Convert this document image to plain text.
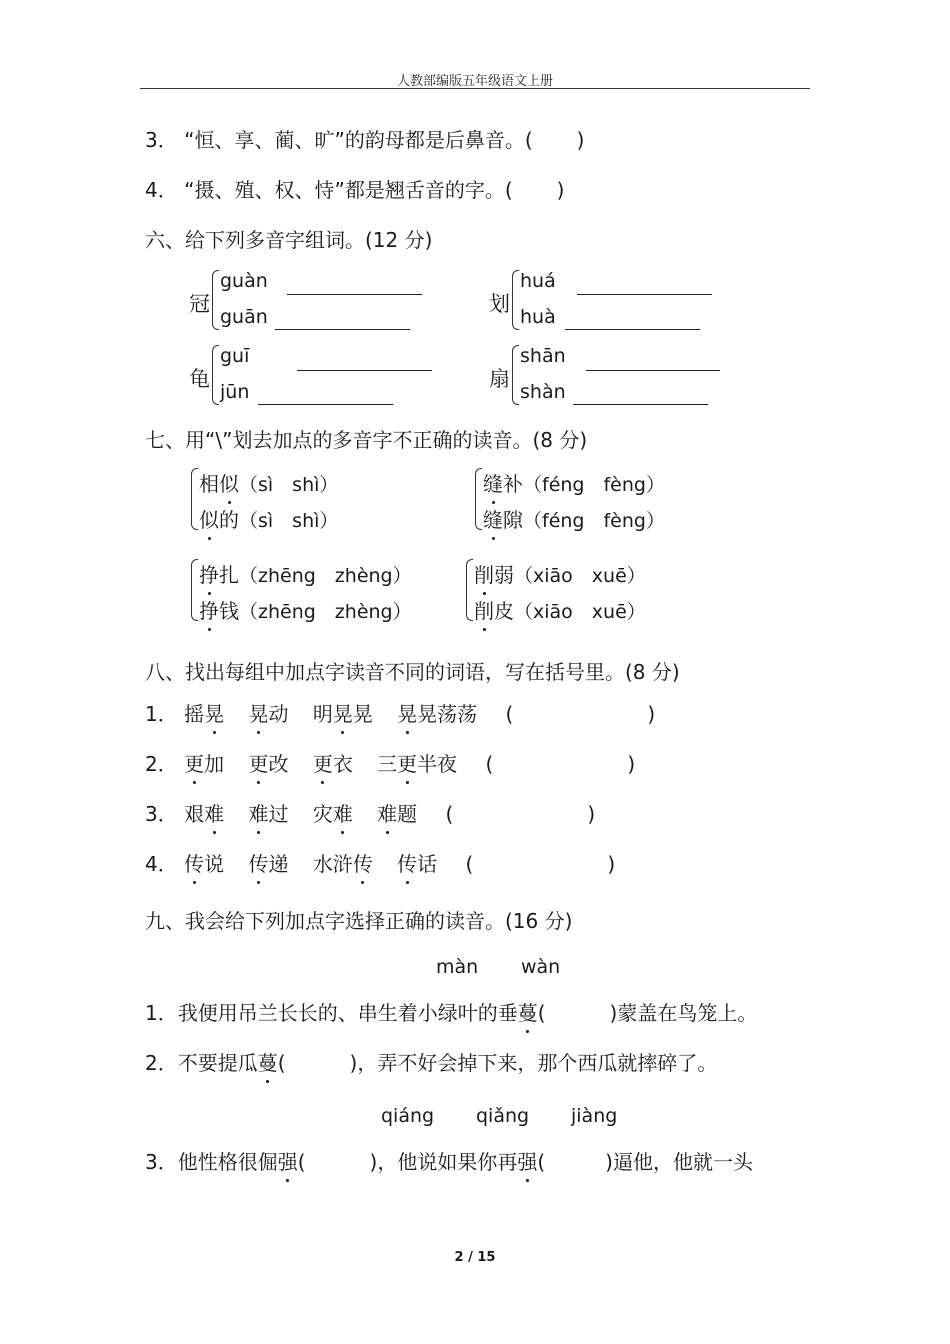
人教部编版五年级语文上册
3． “恒、享、蔺、旷”的韵母都是后鼻音。( )
4． “摄、殖、权、恃”都是翘舌音的字。( )
六、给下列多音字组词。(12 分)
冠
guàn
guān
划
huá
huà
龟
guī
jūn
扇
shān
shàn
七、用“\”划去加点的多音字不正确的读音。(8 分)
相似（sì　shì）
似的（sì　shì）
缝补（féng　fèng）
缝隙（féng　fèng）
挣扎（zhēng　zhèng）
挣钱（zhēng　zhèng）
削弱（xiāo　xuē）
削皮（xiāo　xuē）
八、找出每组中加点字读音不同的词语，写在括号里。(8 分)
1． 摇晃 晃动 明晃晃 晃晃荡荡 (	)
2． 更加 更改 更衣 三更半夜 (	)
3． 艰难 难过 灾难 难题 (	)
4． 传说 传递 水浒传 传话 (	)
九、我会给下列加点字选择正确的读音。(16 分)
màn wàn
1．我便用吊兰长长的、串生着小绿叶的垂蔓(	)蒙盖在鸟笼上。
2．不要提瓜蔓(	)，弄不好会掉下来，那个西瓜就摔碎了。
qiáng qiǎng jiàng
3．他性格很倔强(	)，他说如果你再强(	)逼他，他就一头
2 / 15
